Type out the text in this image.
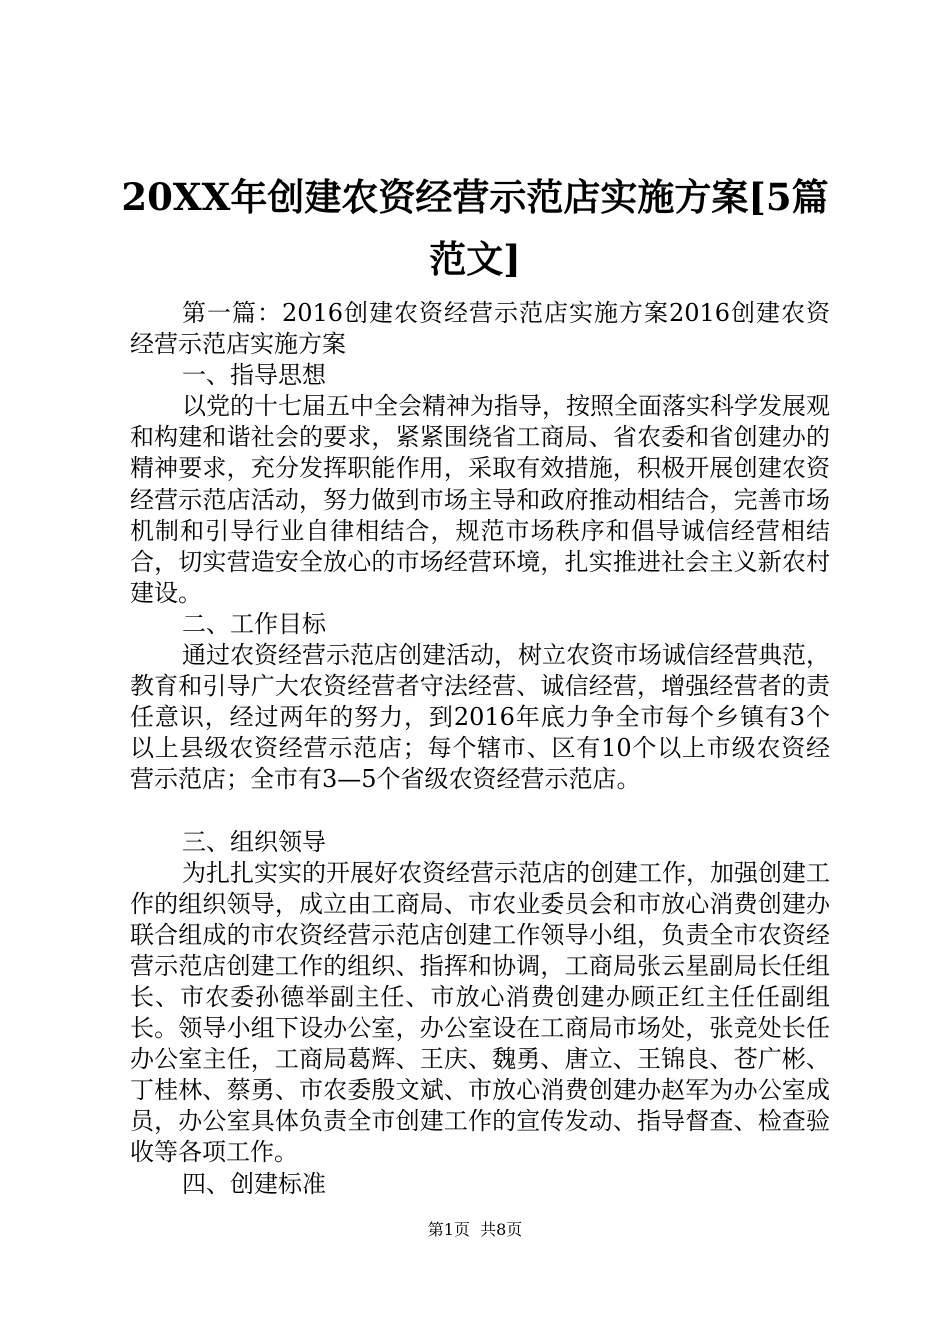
20XX年创建农资经营示范店实施方案[5篇范文]

第一篇：2016创建农资经营示范店实施方案2016创建农资经营示范店实施方案

一、指导思想

以党的十七届五中全会精神为指导，按照全面落实科学发展观和构建和谐社会的要求，紧紧围绕省工商局、省农委和省创建办的精神要求，充分发挥职能作用，采取有效措施，积极开展创建农资经营示范店活动，努力做到市场主导和政府推动相结合，完善市场机制和引导行业自律相结合，规范市场秩序和倡导诚信经营相结合，切实营造安全放心的市场经营环境，扎实推进社会主义新农村建设。

二、工作目标

通过农资经营示范店创建活动，树立农资市场诚信经营典范，教育和引导广大农资经营者守法经营、诚信经营，增强经营者的责任意识，经过两年的努力，到2016年底力争全市每个乡镇有3个以上县级农资经营示范店；每个辖市、区有10个以上市级农资经营示范店；全市有3—5个省级农资经营示范店。

三、组织领导

为扎扎实实的开展好农资经营示范店的创建工作，加强创建工作的组织领导，成立由工商局、市农业委员会和市放心消费创建办联合组成的市农资经营示范店创建工作领导小组，负责全市农资经营示范店创建工作的组织、指挥和协调，工商局张云星副局长任组长、市农委孙德举副主任、市放心消费创建办顾正红主任任副组长。领导小组下设办公室，办公室设在工商局市场处，张竞处长任办公室主任，工商局葛辉、王庆、魏勇、唐立、王锦良、苍广彬、丁桂林、蔡勇、市农委殷文斌、市放心消费创建办赵军为办公室成员，办公室具体负责全市创建工作的宣传发动、指导督查、检查验收等各项工作。

四、创建标准

第1页  共8页
